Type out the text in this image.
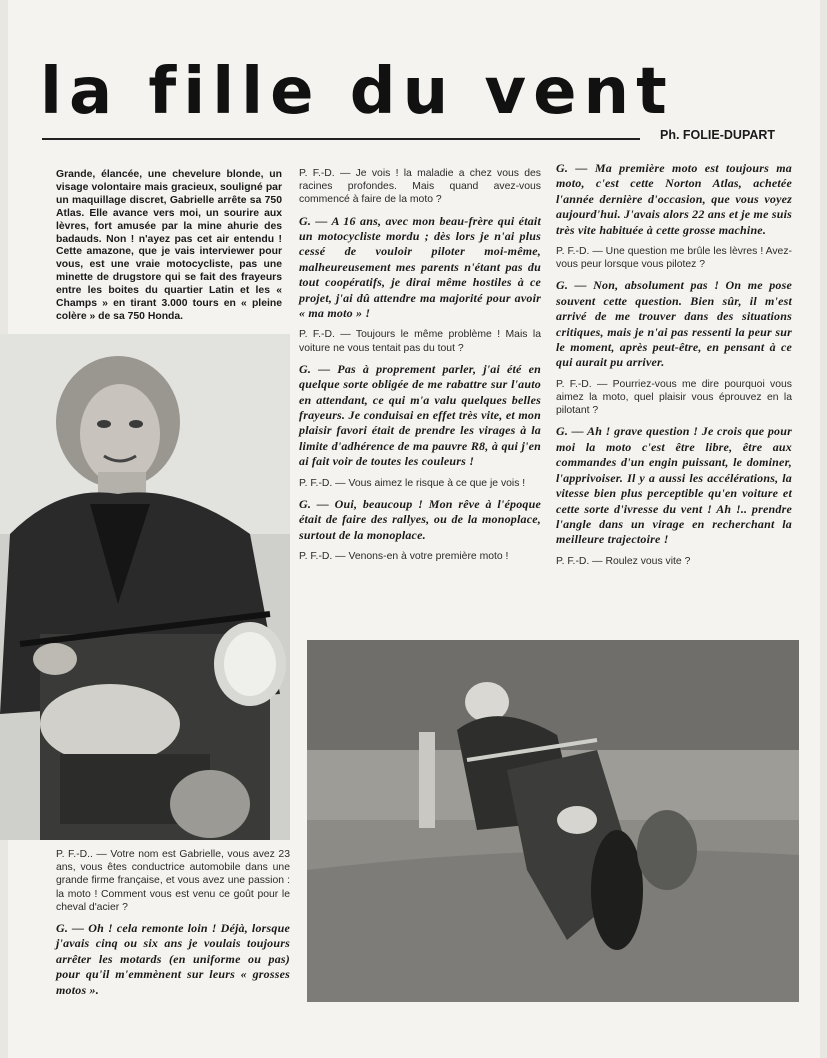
la fille du vent
Ph. FOLIE-DUPART

Grande, élancée, une chevelure blonde, un visage volontaire mais gracieux, souligné par un maquillage discret, Gabrielle arrête sa 750 Atlas. Elle avance vers moi, un sourire aux lèvres, fort amusée par la mine ahurie des badauds. Non ! n'ayez pas cet air entendu ! Cette amazone, que je vais interviewer pour vous, est une vraie motocycliste, pas une minette de drugstore qui se fait des frayeurs entre les boites du quartier Latin et les « Champs » en tirant 3.000 tours en « pleine colère » de sa 750 Honda.

P. F.-D.. — Votre nom est Gabrielle, vous avez 23 ans, vous êtes conductrice automobile dans une grande firme française, et vous avez une passion : la moto ! Comment vous est venu ce goût pour le cheval d'acier ?

G. — Oh ! cela remonte loin ! Déjà, lorsque j'avais cinq ou six ans je voulais toujours arrêter les motards (en uniforme ou pas) pour qu'il m'emmènent sur leurs « grosses motos ».

P. F.-D. — Je vois ! la maladie a chez vous des racines profondes. Mais quand avez-vous commencé à faire de la moto ?

G. — A 16 ans, avec mon beau-frère qui était un motocycliste mordu ; dès lors je n'ai plus cessé de vouloir piloter moi-même, malheureusement mes parents n'étant pas du tout coopératifs, je dirai même hostiles à ce projet, j'ai dû attendre ma majorité pour avoir « ma moto » !

P. F.-D. — Toujours le même problème ! Mais la voiture ne vous tentait pas du tout ?

G. — Pas à proprement parler, j'ai été en quelque sorte obligée de me rabattre sur l'auto en attendant, ce qui m'a valu quelques belles frayeurs. Je conduisai en effet très vite, et mon plaisir favori était de prendre les virages à la limite d'adhérence de ma pauvre R8, à qui j'en ai fait voir de toutes les couleurs !

P. F.-D. — Vous aimez le risque à ce que je vois !

G. — Oui, beaucoup ! Mon rêve à l'époque était de faire des rallyes, ou de la monoplace, surtout de la monoplace.

P. F.-D. — Venons-en à votre première moto !

G. — Ma première moto est toujours ma moto, c'est cette Norton Atlas, achetée l'année dernière d'occasion, que vous voyez aujourd'hui. J'avais alors 22 ans et je me suis très vite habituée à cette grosse machine.

P. F.-D. — Une question me brûle les lèvres ! Avez-vous peur lorsque vous pilotez ?

G. — Non, absolument pas ! On me pose souvent cette question. Bien sûr, il m'est arrivé de me trouver dans des situations critiques, mais je n'ai pas ressenti la peur sur le moment, après peut-être, en pensant à ce qui aurait pu arriver.

P. F.-D. — Pourriez-vous me dire pourquoi vous aimez la moto, quel plaisir vous éprouvez en la pilotant ?

G. — Ah ! grave question ! Je crois que pour moi la moto c'est être libre, être aux commandes d'un engin puissant, le dominer, l'apprivoiser. Il y a aussi les accélérations, la vitesse bien plus perceptible qu'en voiture et cette sorte d'ivresse du vent ! Ah !.. prendre l'angle dans un virage en recherchant la meilleure trajectoire !

P. F.-D. — Roulez vous vite ?
